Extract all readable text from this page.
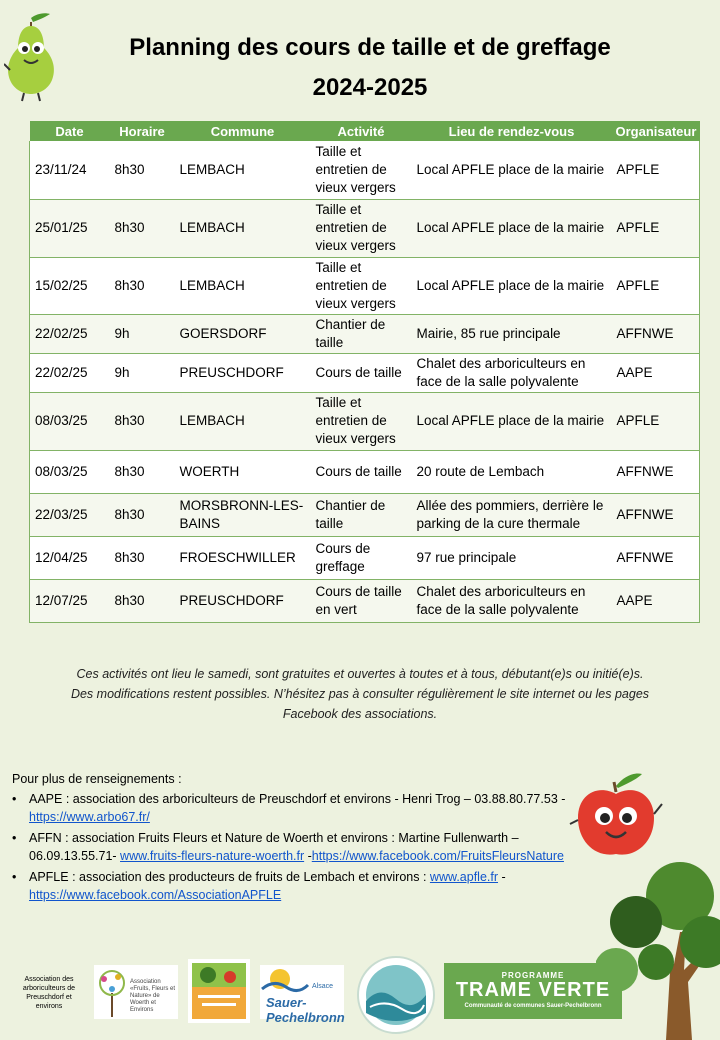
Planning des cours de taille et de greffage
2024-2025
Date	Horaire	Commune	Activité	Lieu de rendez-vous	Organisateur
23/11/24	8h30	LEMBACH	Taille et entretien de vieux vergers	Local APFLE place de la mairie	APFLE
25/01/25	8h30	LEMBACH	Taille et entretien de vieux vergers	Local APFLE place de la mairie	APFLE
15/02/25	8h30	LEMBACH	Taille et entretien de vieux vergers	Local APFLE place de la mairie	APFLE
22/02/25	9h	GOERSDORF	Chantier de taille	Mairie, 85 rue principale	AFFNWE
22/02/25	9h	PREUSCHDORF	Cours de taille	Chalet des arboriculteurs en face de la salle polyvalente	AAPE
08/03/25	8h30	LEMBACH	Taille et entretien de vieux vergers	Local APFLE place de la mairie	APFLE
08/03/25	8h30	WOERTH	Cours de taille	20 route de Lembach	AFFNWE
22/03/25	8h30	MORSBRONN-LES-BAINS	Chantier de taille	Allée des pommiers, derrière le parking de la cure thermale	AFFNWE
12/04/25	8h30	FROESCHWILLER	Cours de greffage	97 rue principale	AFFNWE
12/07/25	8h30	PREUSCHDORF	Cours de taille en vert	Chalet des arboriculteurs en face de la salle polyvalente	AAPE

Ces activités ont lieu le samedi, sont gratuites et ouvertes à toutes et à tous, débutant(e)s ou initié(e)s.

Des modifications restent possibles. N’hésitez pas à consulter régulièrement le site internet ou les pages

Facebook des associations.

Pour plus de renseignements :
• AAPE : association des arboriculteurs de Preuschdorf et environs - Henri Trog – 03.88.80.77.53 - https://www.arbo67.fr/
• AFFN : association Fruits Fleurs et Nature de Woerth et environs : Martine Fullenwarth – 06.09.13.55.71- www.fruits-fleurs-nature-woerth.fr -https://www.facebook.com/FruitsFleursNature
• APFLE : association des producteurs de fruits de Lembach et environs : www.apfle.fr - https://www.facebook.com/AssociationAPFLE
Association des arboriculteurs de Preuschdorf et environs
Association «Fruits, Fleurs et Nature» de Woerth et Environs
Alsace
Sauer-Pechelbronn
PROGRAMME
TRAME VERTE
Communauté de communes Sauer-Pechelbronn
